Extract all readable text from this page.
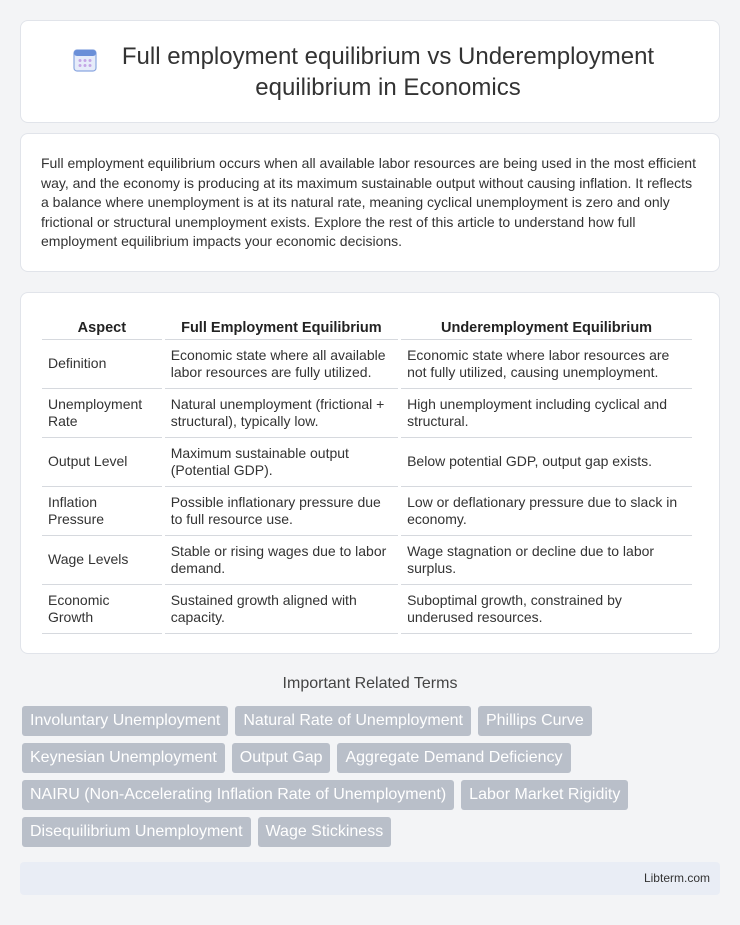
Full employment equilibrium vs Underemployment equilibrium in Economics

Full employment equilibrium occurs when all available labor resources are being used in the most efficient way, and the economy is producing at its maximum sustainable output without causing inflation. It reflects a balance where unemployment is at its natural rate, meaning cyclical unemployment is zero and only frictional or structural unemployment exists. Explore the rest of this article to understand how full employment equilibrium impacts your economic decisions.

Aspect	Full Employment Equilibrium	Underemployment Equilibrium
Definition	Economic state where all available labor resources are fully utilized.	Economic state where labor resources are not fully utilized, causing unemployment.
Unemployment Rate	Natural unemployment (frictional + structural), typically low.	High unemployment including cyclical and structural.
Output Level	Maximum sustainable output (Potential GDP).	Below potential GDP, output gap exists.
Inflation Pressure	Possible inflationary pressure due to full resource use.	Low or deflationary pressure due to slack in economy.
Wage Levels	Stable or rising wages due to labor demand.	Wage stagnation or decline due to labor surplus.
Economic Growth	Sustained growth aligned with capacity.	Suboptimal growth, constrained by underused resources.
Important Related Terms
Involuntary Unemployment	Natural Rate of Unemployment	Phillips Curve
Keynesian Unemployment	Output Gap	Aggregate Demand Deficiency
NAIRU (Non-Accelerating Inflation Rate of Unemployment)	Labor Market Rigidity
Disequilibrium Unemployment	Wage Stickiness
Libterm.com
